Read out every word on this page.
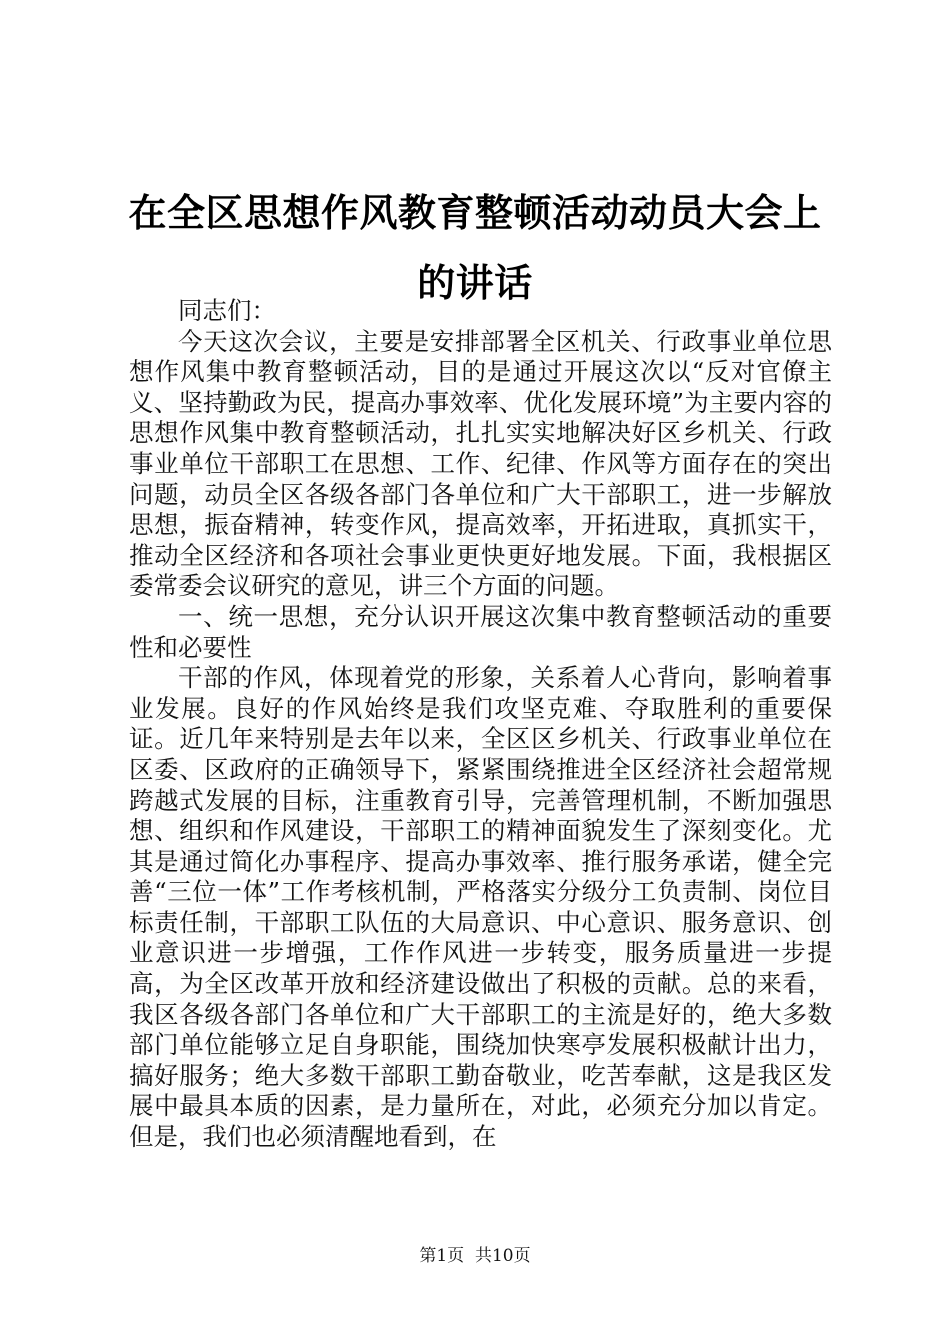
在全区思想作风教育整顿活动动员大会上的讲话

同志们：

今天这次会议，主要是安排部署全区机关、行政事业单位思想作风集中教育整顿活动，目的是通过开展这次以“反对官僚主义、坚持勤政为民，提高办事效率、优化发展环境”为主要内容的思想作风集中教育整顿活动，扎扎实实地解决好区乡机关、行政事业单位干部职工在思想、工作、纪律、作风等方面存在的突出问题，动员全区各级各部门各单位和广大干部职工，进一步解放思想，振奋精神，转变作风，提高效率，开拓进取，真抓实干，推动全区经济和各项社会事业更快更好地发展。下面，我根据区委常委会议研究的意见，讲三个方面的问题。

一、统一思想，充分认识开展这次集中教育整顿活动的重要性和必要性

干部的作风，体现着党的形象，关系着人心背向，影响着事业发展。良好的作风始终是我们攻坚克难、夺取胜利的重要保证。近几年来特别是去年以来，全区区乡机关、行政事业单位在区委、区政府的正确领导下，紧紧围绕推进全区经济社会超常规跨越式发展的目标，注重教育引导，完善管理机制，不断加强思想、组织和作风建设，干部职工的精神面貌发生了深刻变化。尤其是通过简化办事程序、提高办事效率、推行服务承诺，健全完善“三位一体”工作考核机制，严格落实分级分工负责制、岗位目标责任制，干部职工队伍的大局意识、中心意识、服务意识、创业意识进一步增强，工作作风进一步转变，服务质量进一步提高，为全区改革开放和经济建设做出了积极的贡献。总的来看，我区各级各部门各单位和广大干部职工的主流是好的，绝大多数部门单位能够立足自身职能，围绕加快寒亭发展积极献计出力，搞好服务；绝大多数干部职工勤奋敬业，吃苦奉献，这是我区发展中最具本质的因素，是力量所在，对此，必须充分加以肯定。但是，我们也必须清醒地看到，在

第1页  共10页
